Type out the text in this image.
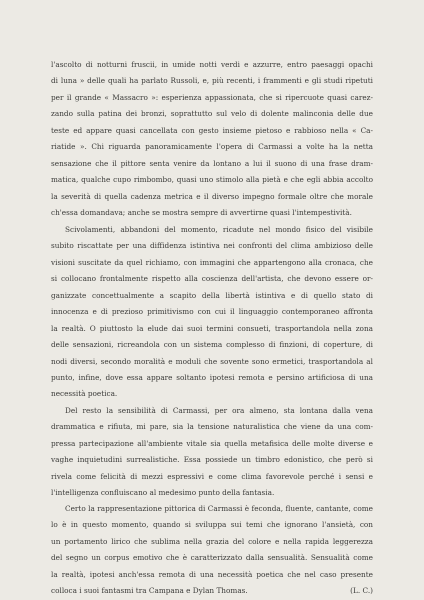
l'ascolto di notturni fruscii, in umide notti verdi e azzurre, entro paesaggi opachi
di luna » delle quali ha parlato Russoli, e, più recenti, i frammenti e gli studi ripetuti
per il grande « Massacro »: esperienza appassionata, che si ripercuote quasi carez-
zando sulla patina dei bronzi, soprattutto sul velo di dolente malinconia delle due
teste ed appare quasi cancellata con gesto insieme pietoso e rabbioso nella « Ca-
riatide ». Chi riguarda panoramicamente l'opera di Carmassi a volte ha la netta
sensazione che il pittore senta venire da lontano a lui il suono di una frase dram-
matica, qualche cupo rimbombo, quasi uno stimolo alla pietà e che egli abbia accolto
la severità di quella cadenza metrica e il diverso impegno formale oltre che morale
ch'essa domandava; anche se mostra sempre di avvertirne quasi l'intempestività.
Scivolamenti, abbandoni del momento, ricadute nel mondo fisico del visibile
subito riscattate per una diffidenza istintiva nei confronti del clima ambizioso delle
visioni suscitate da quel richiamo, con immagini che appartengono alla cronaca, che
si collocano frontalmente rispetto alla coscienza dell'artista, che devono essere or-
ganizzate concettualmente a scapito della libertà istintiva e di quello stato di
innocenza e di prezioso primitivismo con cui il linguaggio contemporaneo affronta
la realtà. O piuttosto la elude dai suoi termini consueti, trasportandola nella zona
delle sensazioni, ricreandola con un sistema complesso di finzioni, di coperture, di
nodi diversi, secondo moralità e moduli che sovente sono ermetici, trasportandola al
punto, infine, dove essa appare soltanto ipotesi remota e persino artificiosa di una
necessità poetica.
Del resto la sensibilità di Carmassi, per ora almeno, sta lontana dalla vena
drammatica e rifiuta, mi pare, sia la tensione naturalistica che viene da una com-
pressa partecipazione all'ambiente vitale sia quella metafisica delle molte diverse e
vaghe inquietudini surrealistiche. Essa possiede un timbro edonistico, che però si
rivela come felicità di mezzi espressivi e come clima favorevole perché i sensi e
l'intelligenza confluiscano al medesimo punto della fantasia.
Certo la rappresentazione pittorica di Carmassi è feconda, fluente, cantante, come
lo è in questo momento, quando si sviluppa sui temi che ignorano l'ansietà, con
un portamento lirico che sublima nella grazia del colore e nella rapida leggerezza
del segno un corpus emotivo che è caratterizzato dalla sensualità. Sensualità come
la realtà, ipotesi anch'essa remota di una necessità poetica che nel caso presente
colloca i suoi fantasmi tra Campana e Dylan Thomas.	(L. C.)
